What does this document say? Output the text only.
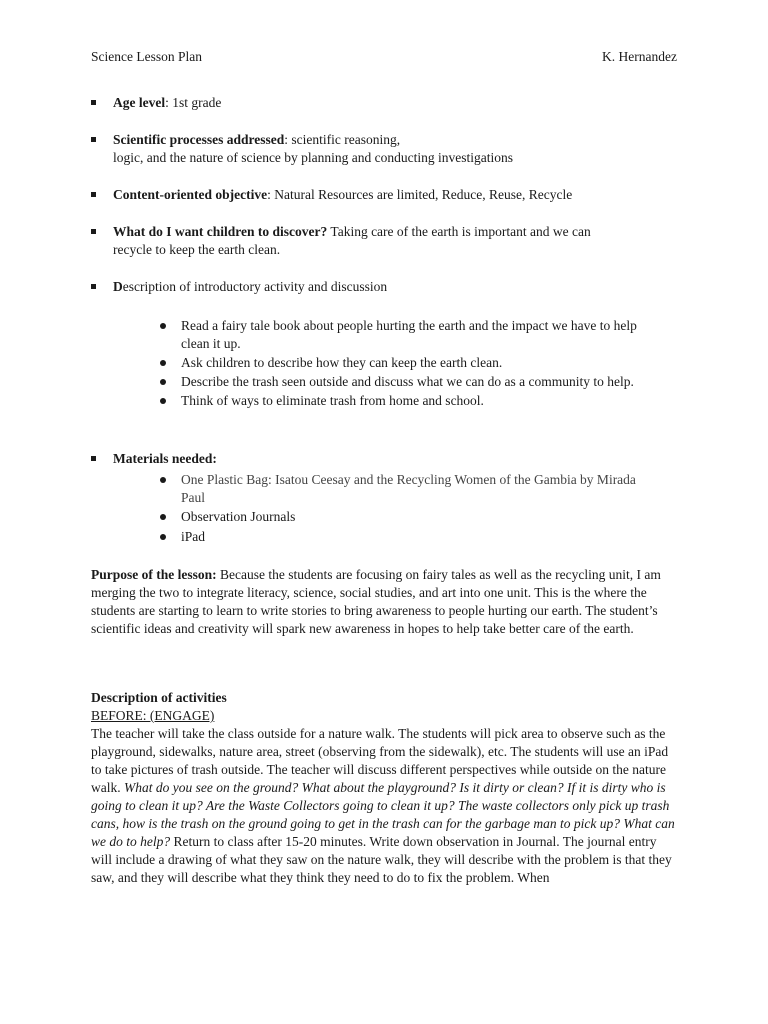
Science Lesson Plan	K. Hernandez
Age level: 1st grade
Scientific processes addressed: scientific reasoning,
logic, and the nature of science by planning and conducting investigations
Content-oriented objective: Natural Resources are limited, Reduce, Reuse, Recycle
What do I want children to discover? Taking care of the earth is important and we can
recycle to keep the earth clean.
Description of introductory activity and discussion
Materials needed:
Read a fairy tale book about people hurting the earth and the impact we have to help clean it up.
Ask children to describe how they can keep the earth clean.
Describe the trash seen outside and discuss what we can do as a community to help.
Think of ways to eliminate trash from home and school.
One Plastic Bag: Isatou Ceesay and the Recycling Women of the Gambia by Mirada Paul
Observation Journals
iPad
Purpose of the lesson: Because the students are focusing on fairy tales as well as the recycling unit, I am merging the two to integrate literacy, science, social studies, and art into one unit. This is the where the students are starting to learn to write stories to bring awareness to people hurting our earth. The student’s scientific ideas and creativity will spark new awareness in hopes to help take better care of the earth.
Description of activities
BEFORE: (ENGAGE)
The teacher will take the class outside for a nature walk. The students will pick area to observe such as the playground, sidewalks, nature area, street (observing from the sidewalk), etc. The students will use an iPad to take pictures of trash outside. The teacher will discuss different perspectives while outside on the nature walk. What do you see on the ground? What about the playground? Is it dirty or clean? If it is dirty who is going to clean it up? Are the Waste Collectors going to clean it up? The waste collectors only pick up trash cans, how is the trash on the ground going to get in the trash can for the garbage man to pick up? What can we do to help? Return to class after 15-20 minutes. Write down observation in Journal. The journal entry will include a drawing of what they saw on the nature walk, they will describe with the problem is that they saw, and they will describe what they think they need to do to fix the problem. When
